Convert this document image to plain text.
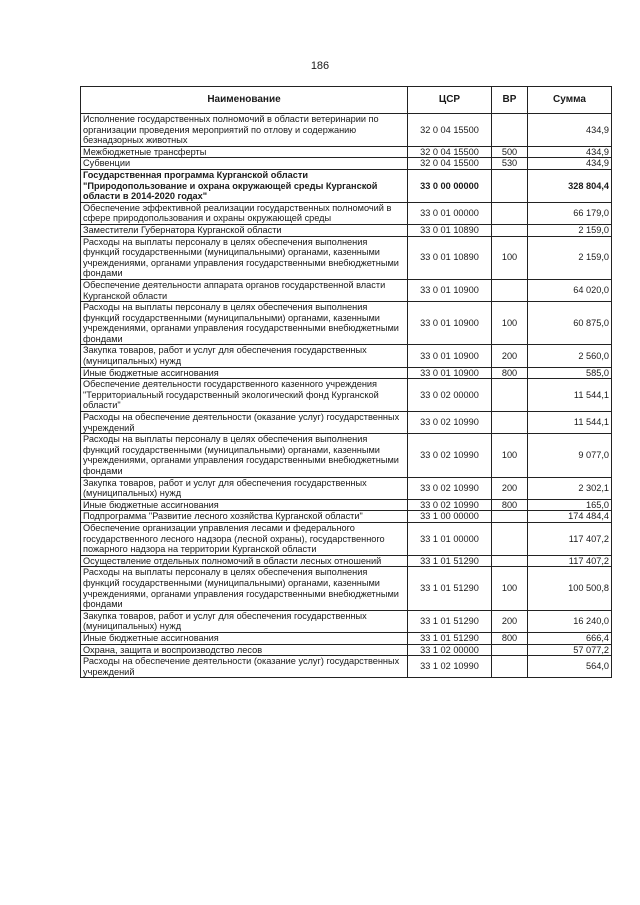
186
Наименование	ЦСР	ВР	Сумма
Исполнение государственных полномочий в области ветеринарии по организации проведения мероприятий по отлову и содержанию безнадзорных животных	32 0 04 15500		434,9
Межбюджетные трансферты	32 0 04 15500	500	434,9
Субвенции	32 0 04 15500	530	434,9
Государственная программа Курганской области "Природопользование и охрана окружающей среды Курганской области в 2014-2020 годах"	33 0 00 00000		328 804,4
Обеспечение эффективной реализации государственных полномочий в сфере природопользования и охраны окружающей среды	33 0 01 00000		66 179,0
Заместители Губернатора Курганской области	33 0 01 10890		2 159,0
Расходы на выплаты персоналу в целях обеспечения выполнения функций государственными (муниципальными) органами, казенными учреждениями, органами управления государственными внебюджетными фондами	33 0 01 10890	100	2 159,0
Обеспечение деятельности аппарата органов государственной власти Курганской области	33 0 01 10900		64 020,0
Расходы на выплаты персоналу в целях обеспечения выполнения функций государственными (муниципальными) органами, казенными учреждениями, органами управления государственными внебюджетными фондами	33 0 01 10900	100	60 875,0
Закупка товаров, работ и услуг для обеспечения государственных (муниципальных) нужд	33 0 01 10900	200	2 560,0
Иные бюджетные ассигнования	33 0 01 10900	800	585,0
Обеспечение деятельности государственного казенного учреждения "Территориальный государственный экологический фонд Курганской области"	33 0 02 00000		11 544,1
Расходы на обеспечение деятельности (оказание услуг) государственных учреждений	33 0 02 10990		11 544,1
Расходы на выплаты персоналу в целях обеспечения выполнения функций государственными (муниципальными) органами, казенными учреждениями, органами управления государственными внебюджетными фондами	33 0 02 10990	100	9 077,0
Закупка товаров, работ и услуг для обеспечения государственных (муниципальных) нужд	33 0 02 10990	200	2 302,1
Иные бюджетные ассигнования	33 0 02 10990	800	165,0
Подпрограмма "Развитие лесного хозяйства Курганской области"	33 1 00 00000		174 484,4
Обеспечение организации управления лесами и федерального государственного лесного надзора (лесной охраны), государственного пожарного надзора на территории Курганской области	33 1 01 00000		117 407,2
Осуществление отдельных полномочий в области лесных отношений	33 1 01 51290		117 407,2
Расходы на выплаты персоналу в целях обеспечения выполнения функций государственными (муниципальными) органами, казенными учреждениями, органами управления государственными внебюджетными фондами	33 1 01 51290	100	100 500,8
Закупка товаров, работ и услуг для обеспечения государственных (муниципальных) нужд	33 1 01 51290	200	16 240,0
Иные бюджетные ассигнования	33 1 01 51290	800	666,4
Охрана, защита и воспроизводство лесов	33 1 02 00000		57 077,2
Расходы на обеспечение деятельности (оказание услуг) государственных учреждений	33 1 02 10990		564,0
